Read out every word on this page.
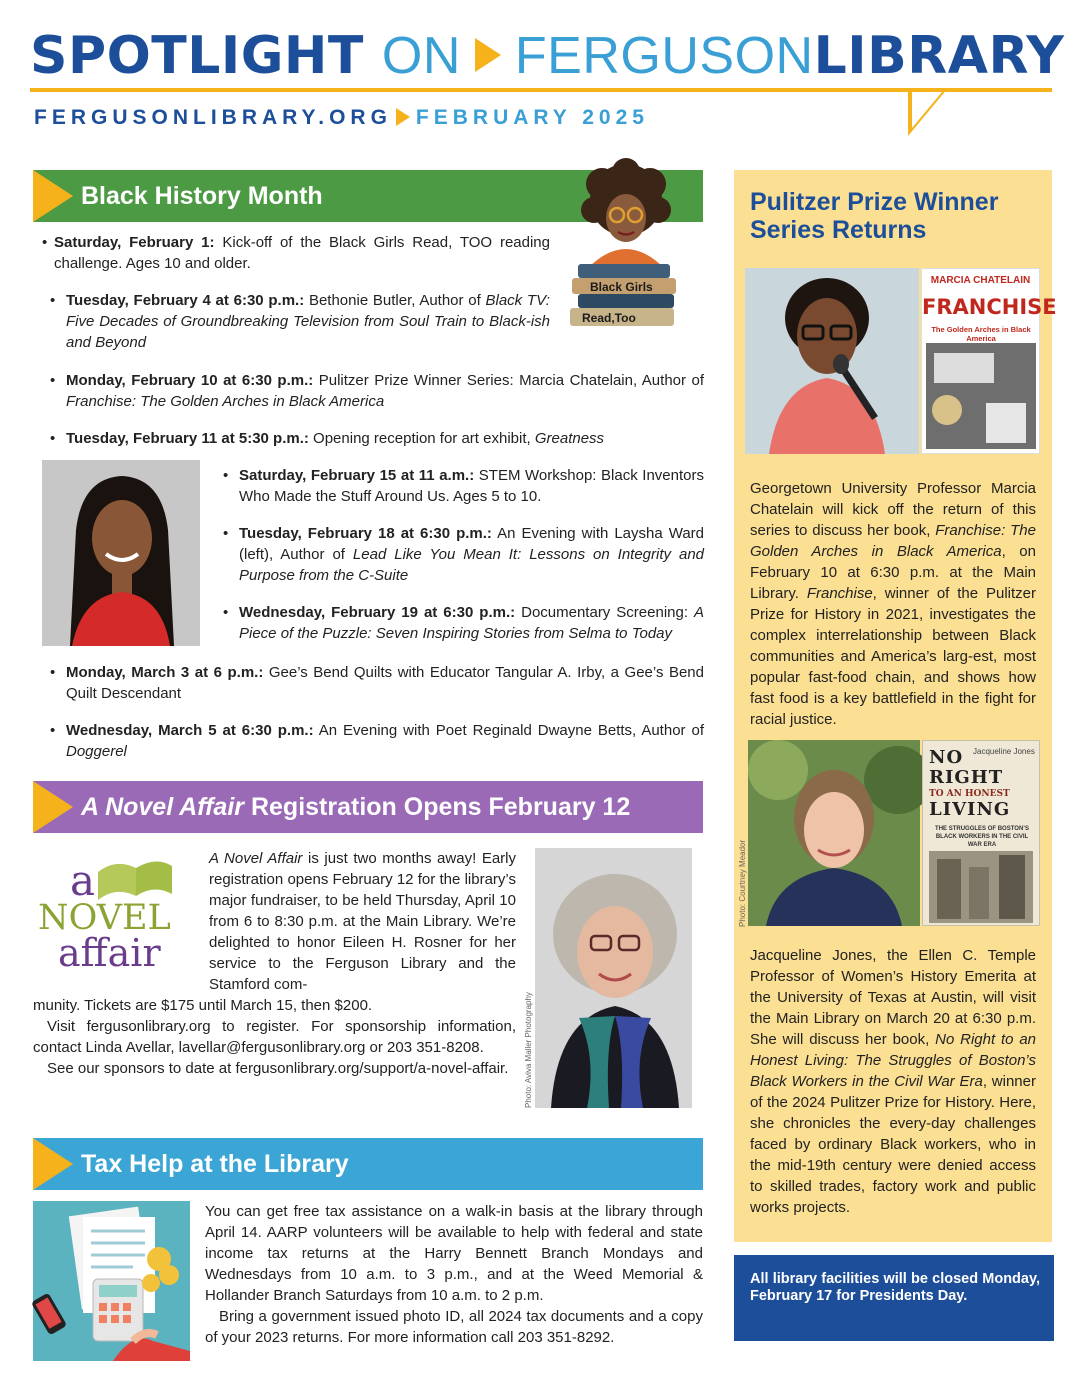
SPOTLIGHT ON FERGUSONLIBRARY
FERGUSONLIBRARY.ORG FEBRUARY 2025
Black History Month
Black Girls
Read,Too
• Saturday, February 1: Kick-off of the Black Girls Read, TOO reading challenge. Ages 10 and older.
• Tuesday, February 4 at 6:30 p.m.: Bethonie Butler, Author of Black TV: Five Decades of Groundbreaking Television from Soul Train to Black-ish and Beyond
• Monday, February 10 at 6:30 p.m.: Pulitzer Prize Winner Series: Marcia Chatelain, Author of Franchise: The Golden Arches in Black America
• Tuesday, February 11 at 5:30 p.m.: Opening reception for art exhibit, Greatness
• Saturday, February 15 at 11 a.m.: STEM Workshop: Black Inventors Who Made the Stuff Around Us. Ages 5 to 10.
• Tuesday, February 18 at 6:30 p.m.: An Evening with Laysha Ward (left), Author of Lead Like You Mean It: Lessons on Integrity and Purpose from the C-Suite
• Wednesday, February 19 at 6:30 p.m.: Documentary Screening: A Piece of the Puzzle: Seven Inspiring Stories from Selma to Today
• Monday, March 3 at 6 p.m.: Gee’s Bend Quilts with Educator Tangular A. Irby, a Gee’s Bend Quilt Descendant
• Wednesday, March 5 at 6:30 p.m.: An Evening with Poet Reginald Dwayne Betts, Author of Doggerel
A Novel Affair Registration Opens February 12

A Novel Affair is just two months away! Early registration opens February 12 for the library’s major fundraiser, to be held Thursday, April 10 from 6 to 8:30 p.m. at the Main Library. We’re delighted to honor Eileen H. Rosner for her service to the Ferguson Library and the Stamford com-

munity. Tickets are $175 until March 15, then $200.

Visit fergusonlibrary.org to register. For sponsorship information, contact Linda Avellar, lavellar@fergusonlibrary.org or 203 351-8208.

See our sponsors to date at fergusonlibrary.org/support/a-novel-affair.

a
NOVEL
affair
Photo: Aviva Maller Photography
Tax Help at the Library

You can get free tax assistance on a walk-in basis at the library through April 14. AARP volunteers will be available to help with federal and state income tax returns at the Harry Bennett Branch Mondays and Wednesdays from 10 a.m. to 3 p.m., and at the Weed Memorial & Hollander Branch Saturdays from 10 a.m. to 2 p.m.

Bring a government issued photo ID, all 2024 tax documents and a copy of your 2023 returns. For more information call 203 351-8292.

Pulitzer Prize Winner Series Returns
MARCIA CHATELAIN
FRANCHISE
The Golden Arches in Black America
Georgetown University Professor Marcia Chatelain will kick off the return of this series to discuss her book, Franchise: The Golden Arches in Black America, on February 10 at 6:30 p.m. at the Main Library. Franchise, winner of the Pulitzer Prize for History in 2021, investigates the complex interrelationship between Black communities and America’s larg-est, most popular fast-food chain, and shows how fast food is a key battlefield in the fight for racial justice.
Jacqueline Jones
NO
RIGHT
TO AN HONEST
LIVING
THE STRUGGLES OF BOSTON’S BLACK WORKERS IN THE CIVIL WAR ERA
Jacqueline Jones, the Ellen C. Temple Professor of Women’s History Emerita at the University of Texas at Austin, will visit the Main Library on March 20 at 6:30 p.m. She will discuss her book, No Right to an Honest Living: The Struggles of Boston’s Black Workers in the Civil War Era, winner of the 2024 Pulitzer Prize for History. Here, she chronicles the every-day challenges faced by ordinary Black workers, who in the mid-19th century were denied access to skilled trades, factory work and public works projects.
Photo: Courtney Meador
All library facilities will be closed Monday, February 17 for Presidents Day.
